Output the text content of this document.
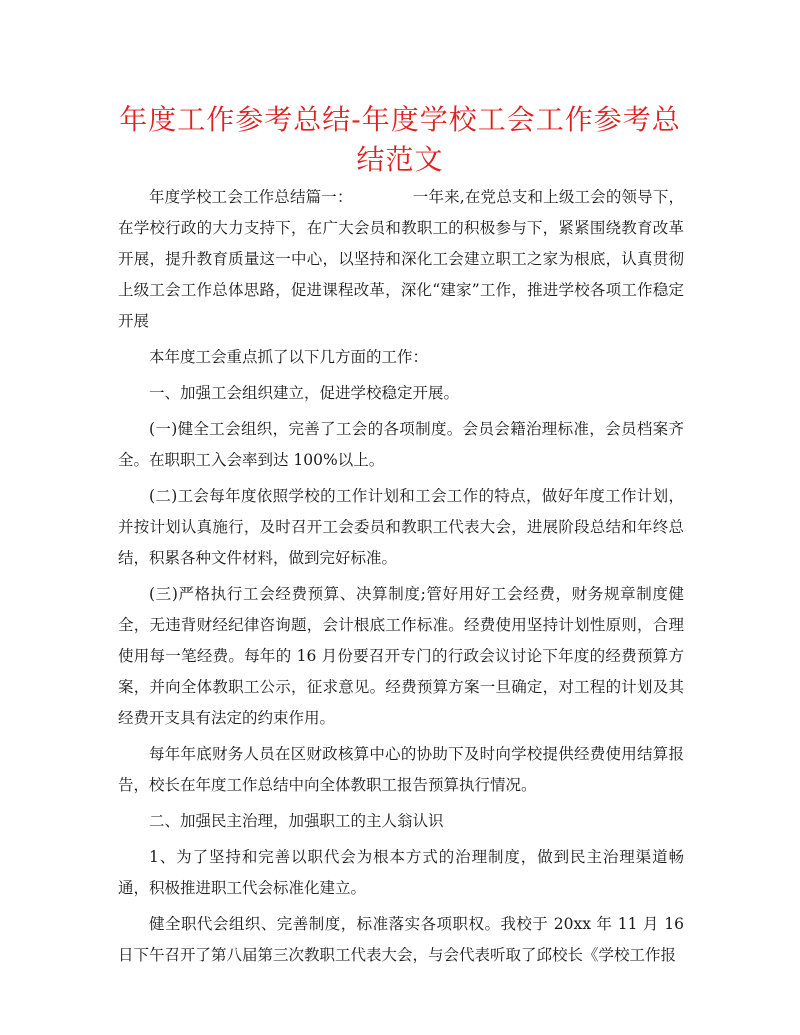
年度工作参考总结-年度学校工会工作参考总结范文

年度学校工会工作总结篇一：	一年来,在党总支和上级工会的领导下，在学校行政的大力支持下，在广大会员和教职工的积极参与下，紧紧围绕教育改革开展，提升教育质量这一中心，以坚持和深化工会建立职工之家为根底，认真贯彻上级工会工作总体思路，促进课程改革，深化“建家”工作，推进学校各项工作稳定开展

本年度工会重点抓了以下几方面的工作：

一、加强工会组织建立，促进学校稳定开展。

(一)健全工会组织，完善了工会的各项制度。会员会籍治理标准，会员档案齐全。在职职工入会率到达 100%以上。

(二)工会每年度依照学校的工作计划和工会工作的特点，做好年度工作计划，并按计划认真施行，及时召开工会委员和教职工代表大会，进展阶段总结和年终总结，积累各种文件材料，做到完好标准。

(三)严格执行工会经费预算、决算制度;管好用好工会经费，财务规章制度健全，无违背财经纪律咨询题，会计根底工作标准。经费使用坚持计划性原则，合理使用每一笔经费。每年的 16 月份要召开专门的行政会议讨论下年度的经费预算方案，并向全体教职工公示，征求意见。经费预算方案一旦确定，对工程的计划及其经费开支具有法定的约束作用。

每年年底财务人员在区财政核算中心的协助下及时向学校提供经费使用结算报告，校长在年度工作总结中向全体教职工报告预算执行情况。

二、加强民主治理，加强职工的主人翁认识

1、为了坚持和完善以职代会为根本方式的治理制度，做到民主治理渠道畅通，积极推进职工代会标准化建立。

健全职代会组织、完善制度，标准落实各项职权。我校于 20xx 年 11 月 16 日下午召开了第八届第三次教职工代表大会，与会代表听取了邱校长《学校工作报
